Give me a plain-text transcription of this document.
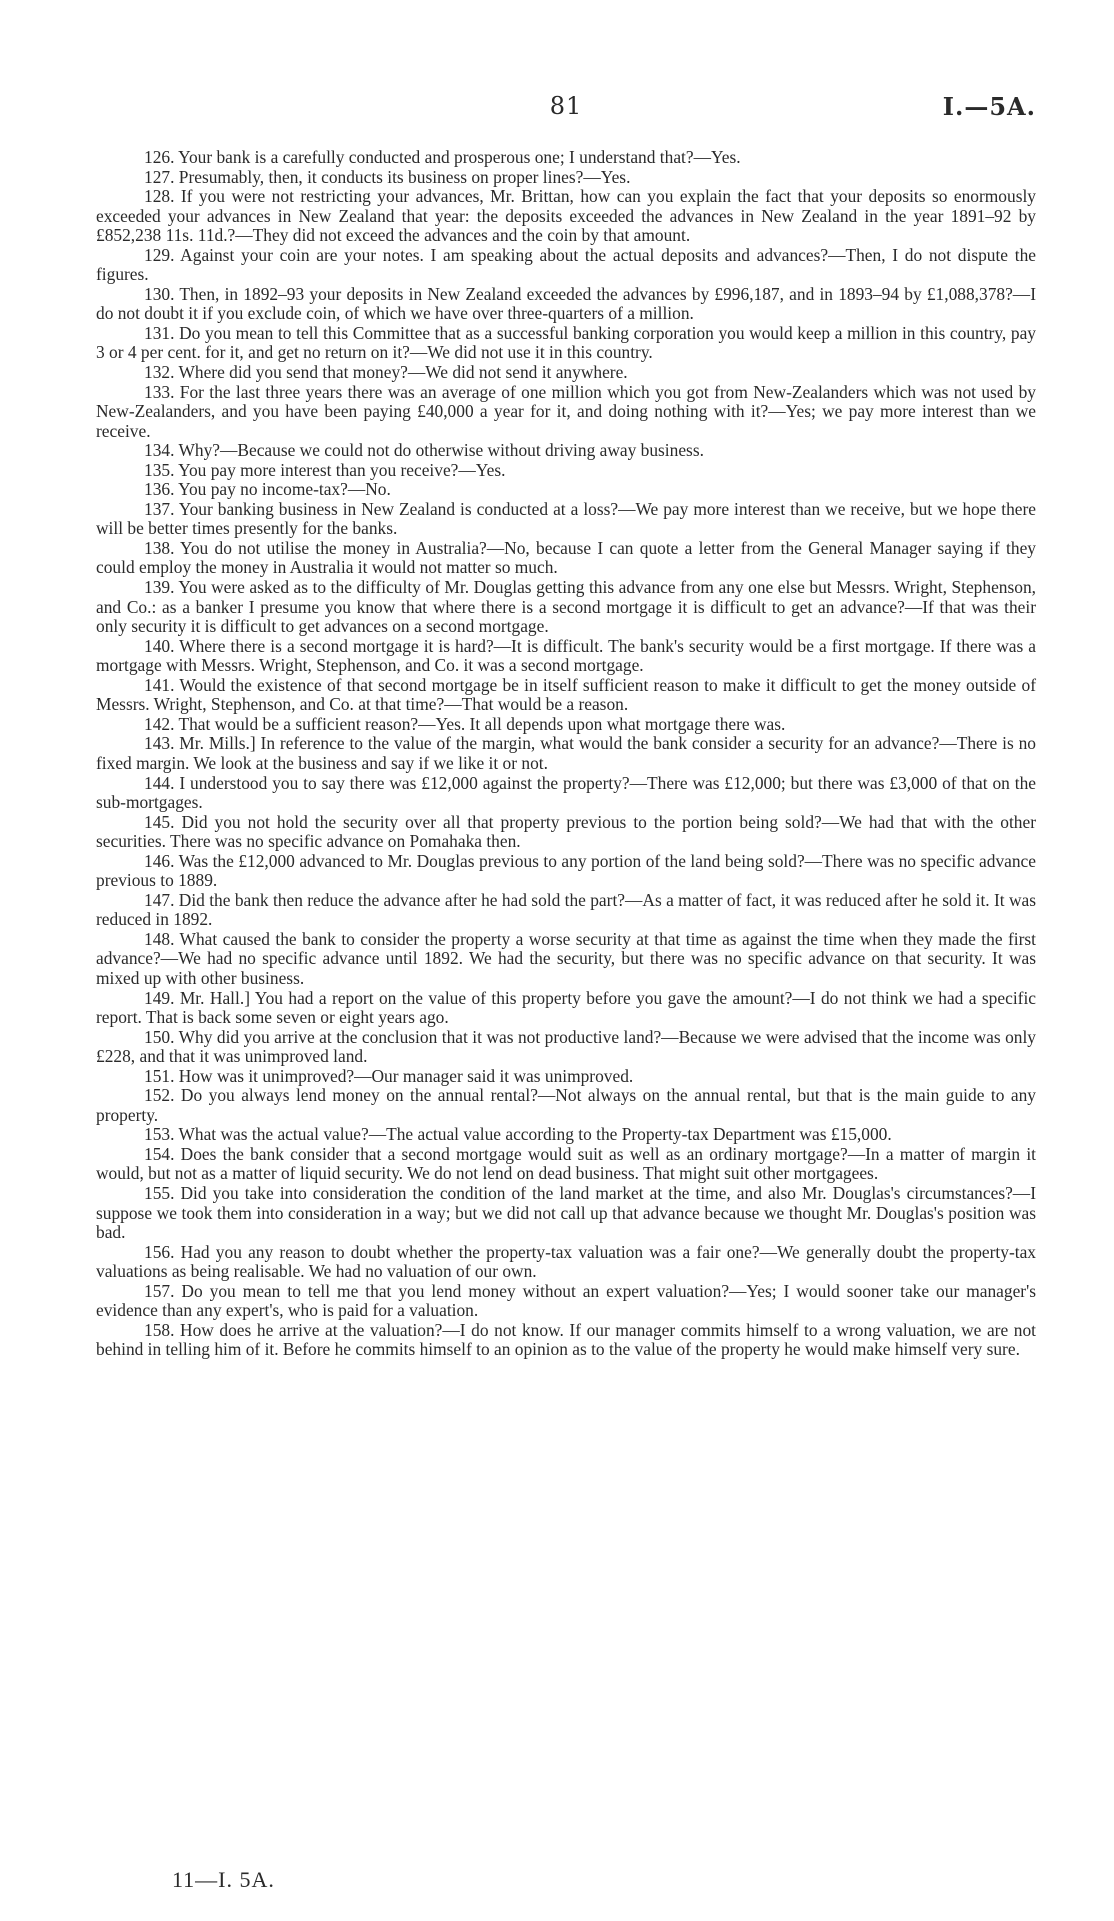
81	I.—5A.

126. Your bank is a carefully conducted and prosperous one; I understand that?—Yes.

127. Presumably, then, it conducts its business on proper lines?—Yes.

128. If you were not restricting your advances, Mr. Brittan, how can you explain the fact that your deposits so enormously exceeded your advances in New Zealand that year: the deposits exceeded the advances in New Zealand in the year 1891–92 by £852,238 11s. 11d.?—They did not exceed the advances and the coin by that amount.

129. Against your coin are your notes. I am speaking about the actual deposits and advances?—Then, I do not dispute the figures.

130. Then, in 1892–93 your deposits in New Zealand exceeded the advances by £996,187, and in 1893–94 by £1,088,378?—I do not doubt it if you exclude coin, of which we have over three-quarters of a million.

131. Do you mean to tell this Committee that as a successful banking corporation you would keep a million in this country, pay 3 or 4 per cent. for it, and get no return on it?—We did not use it in this country.

132. Where did you send that money?—We did not send it anywhere.

133. For the last three years there was an average of one million which you got from New-Zealanders which was not used by New-Zealanders, and you have been paying £40,000 a year for it, and doing nothing with it?—Yes; we pay more interest than we receive.

134. Why?—Because we could not do otherwise without driving away business.

135. You pay more interest than you receive?—Yes.

136. You pay no income-tax?—No.

137. Your banking business in New Zealand is conducted at a loss?—We pay more interest than we receive, but we hope there will be better times presently for the banks.

138. You do not utilise the money in Australia?—No, because I can quote a letter from the General Manager saying if they could employ the money in Australia it would not matter so much.

139. You were asked as to the difficulty of Mr. Douglas getting this advance from any one else but Messrs. Wright, Stephenson, and Co.: as a banker I presume you know that where there is a second mortgage it is difficult to get an advance?—If that was their only security it is difficult to get advances on a second mortgage.

140. Where there is a second mortgage it is hard?—It is difficult. The bank's security would be a first mortgage. If there was a mortgage with Messrs. Wright, Stephenson, and Co. it was a second mortgage.

141. Would the existence of that second mortgage be in itself sufficient reason to make it difficult to get the money outside of Messrs. Wright, Stephenson, and Co. at that time?—That would be a reason.

142. That would be a sufficient reason?—Yes. It all depends upon what mortgage there was.

143. Mr. Mills.] In reference to the value of the margin, what would the bank consider a security for an advance?—There is no fixed margin. We look at the business and say if we like it or not.

144. I understood you to say there was £12,000 against the property?—There was £12,000; but there was £3,000 of that on the sub-mortgages.

145. Did you not hold the security over all that property previous to the portion being sold?—We had that with the other securities. There was no specific advance on Pomahaka then.

146. Was the £12,000 advanced to Mr. Douglas previous to any portion of the land being sold?—There was no specific advance previous to 1889.

147. Did the bank then reduce the advance after he had sold the part?—As a matter of fact, it was reduced after he sold it. It was reduced in 1892.

148. What caused the bank to consider the property a worse security at that time as against the time when they made the first advance?—We had no specific advance until 1892. We had the security, but there was no specific advance on that security. It was mixed up with other business.

149. Mr. Hall.] You had a report on the value of this property before you gave the amount?—I do not think we had a specific report. That is back some seven or eight years ago.

150. Why did you arrive at the conclusion that it was not productive land?—Because we were advised that the income was only £228, and that it was unimproved land.

151. How was it unimproved?—Our manager said it was unimproved.

152. Do you always lend money on the annual rental?—Not always on the annual rental, but that is the main guide to any property.

153. What was the actual value?—The actual value according to the Property-tax Department was £15,000.

154. Does the bank consider that a second mortgage would suit as well as an ordinary mortgage?—In a matter of margin it would, but not as a matter of liquid security. We do not lend on dead business. That might suit other mortgagees.

155. Did you take into consideration the condition of the land market at the time, and also Mr. Douglas's circumstances?—I suppose we took them into consideration in a way; but we did not call up that advance because we thought Mr. Douglas's position was bad.

156. Had you any reason to doubt whether the property-tax valuation was a fair one?—We generally doubt the property-tax valuations as being realisable. We had no valuation of our own.

157. Do you mean to tell me that you lend money without an expert valuation?—Yes; I would sooner take our manager's evidence than any expert's, who is paid for a valuation.

158. How does he arrive at the valuation?—I do not know. If our manager commits himself to a wrong valuation, we are not behind in telling him of it. Before he commits himself to an opinion as to the value of the property he would make himself very sure.

11—I. 5A.
